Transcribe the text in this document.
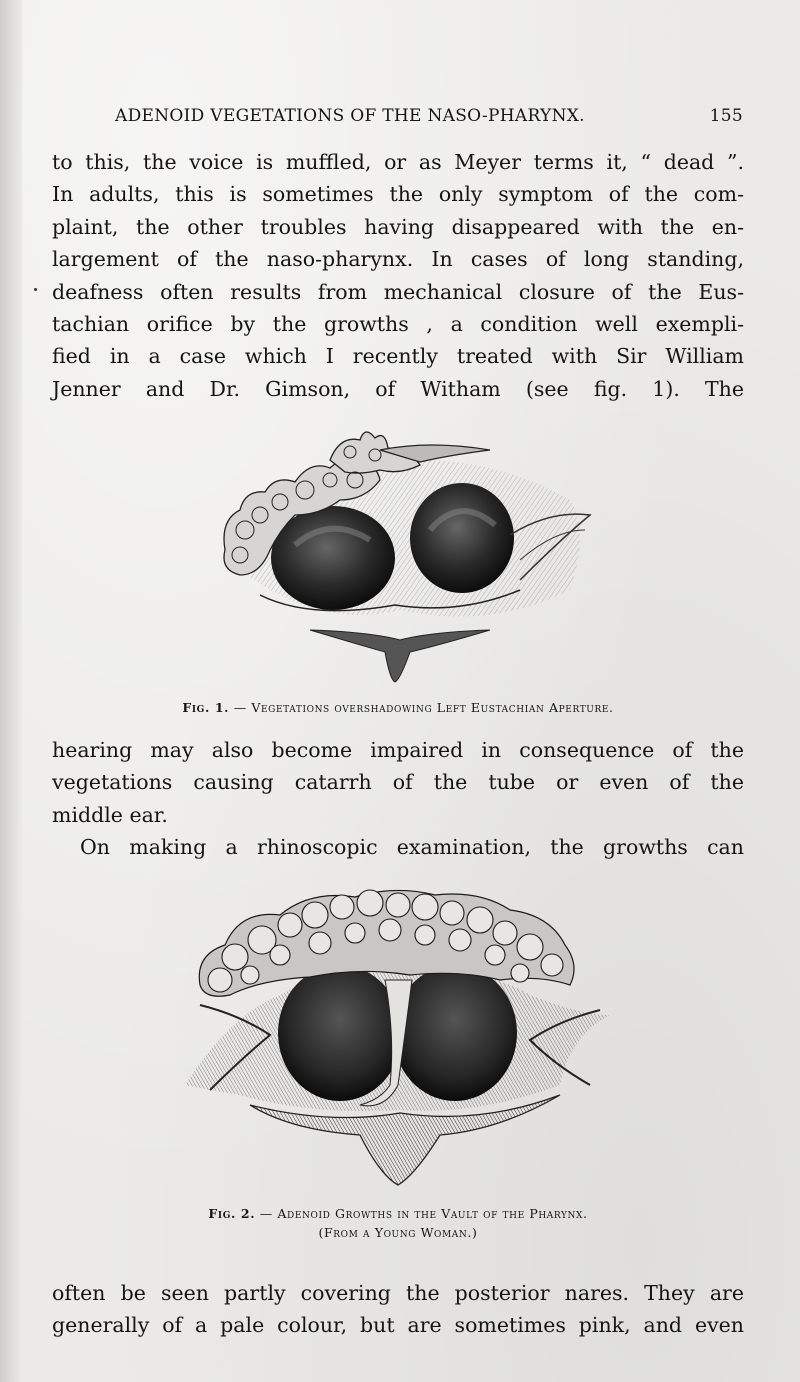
ADENOID VEGETATIONS OF THE NASO-PHARYNX.	155
to this, the voice is muffled, or as Meyer terms it, “ dead ”.
In adults, this is sometimes the only symptom of the com-
plaint, the other troubles having disappeared with the en-
largement of the naso-pharynx. In cases of long standing,
deafness often results from mechanical closure of the Eus-
tachian orifice by the growths , a condition well exempli-
fied in a case which I recently treated with Sir William
Jenner and Dr. Gimson, of Witham (see fig. 1). The
Fig. 1. — Vegetations overshadowing Left Eustachian Aperture.
hearing may also become impaired in consequence of the
vegetations causing catarrh of the tube or even of the
middle ear.
On making a rhinoscopic examination, the growths can
Fig. 2. — Adenoid Growths in the Vault of the Pharynx.
(From a Young Woman.)
often be seen partly covering the posterior nares. They are
generally of a pale colour, but are sometimes pink, and even
